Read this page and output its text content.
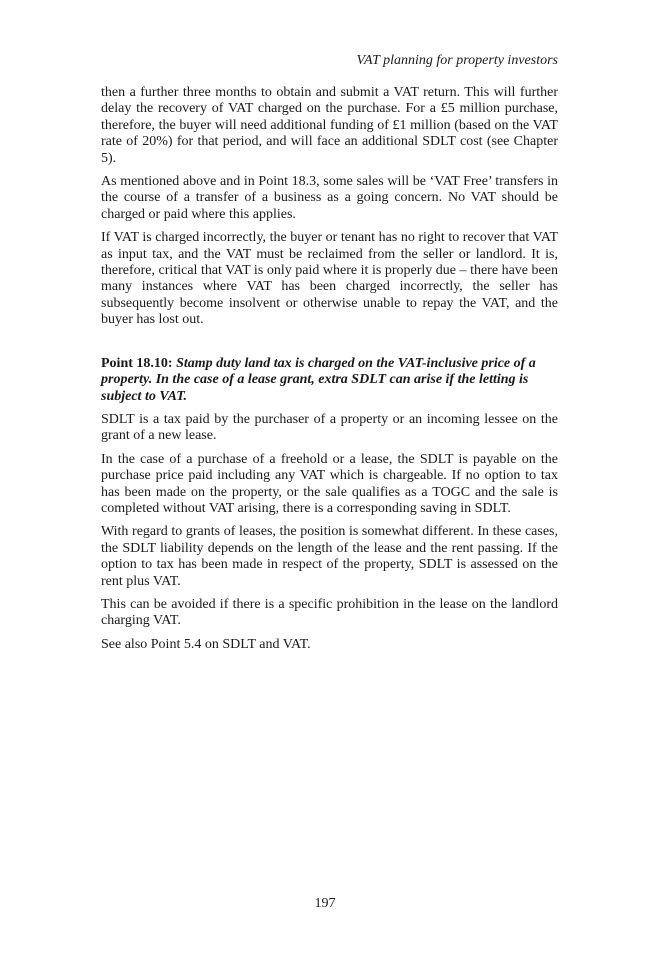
VAT planning for property investors

then a further three months to obtain and submit a VAT return. This will further delay the recovery of VAT charged on the purchase. For a £5 million purchase, therefore, the buyer will need additional funding of £1 million (based on the VAT rate of 20%) for that period, and will face an additional SDLT cost (see Chapter 5).

As mentioned above and in Point 18.3, some sales will be ‘VAT Free’ transfers in the course of a transfer of a business as a going concern. No VAT should be charged or paid where this applies.

If VAT is charged incorrectly, the buyer or tenant has no right to recover that VAT as input tax, and the VAT must be reclaimed from the seller or landlord. It is, therefore, critical that VAT is only paid where it is properly due – there have been many instances where VAT has been charged incorrectly, the seller has subsequently become insolvent or otherwise unable to repay the VAT, and the buyer has lost out.

Point 18.10: Stamp duty land tax is charged on the VAT-inclusive price of a property. In the case of a lease grant, extra SDLT can arise if the letting is subject to VAT.

SDLT is a tax paid by the purchaser of a property or an incoming lessee on the grant of a new lease.

In the case of a purchase of a freehold or a lease, the SDLT is payable on the purchase price paid including any VAT which is chargeable. If no option to tax has been made on the property, or the sale qualifies as a TOGC and the sale is completed without VAT arising, there is a corresponding saving in SDLT.

With regard to grants of leases, the position is somewhat different. In these cases, the SDLT liability depends on the length of the lease and the rent passing. If the option to tax has been made in respect of the property, SDLT is assessed on the rent plus VAT.

This can be avoided if there is a specific prohibition in the lease on the landlord charging VAT.

See also Point 5.4 on SDLT and VAT.

197
